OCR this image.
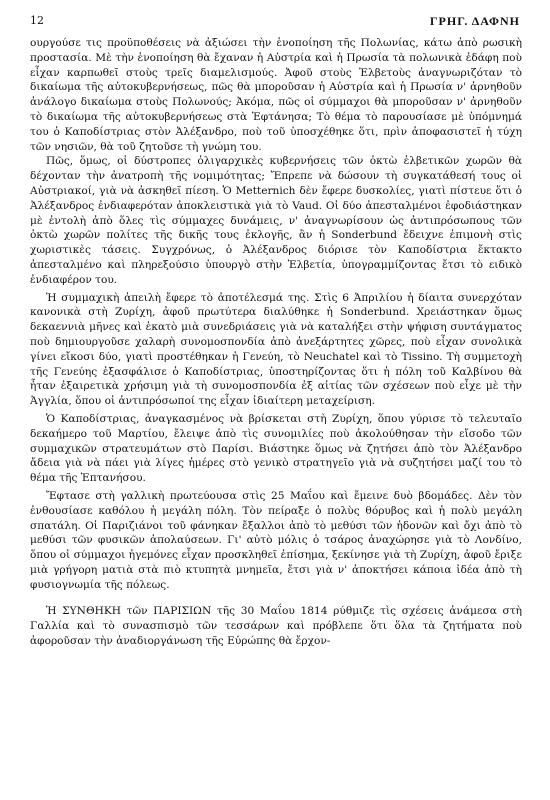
12	ΓΡΗΓ. ΔΑΦΝΗ

ουργούσε τις προϋποθέσεις νὰ ἀξιώσει τὴν ἑνοποίηση τῆς Πολωνίας, κάτω ἀπὸ ρωσικὴ προστασία. Μὲ τὴν ἑνοποίηση θὰ ἔχαναν ἡ Αὐστρία καὶ ἡ Πρωσία τὰ πολωνικὰ ἐδάφη ποὺ εἶχαν καρπωθεῖ στοὺς τρεῖς διαμελισμούς. Ἀφοῦ στοὺς Ἑλβετοὺς ἀναγνωριζόταν τὸ δικαίωμα τῆς αὐτοκυβερνήσεως, πῶς θὰ μποροῦσαν ἡ Αὐστρία καὶ ἡ Πρωσία ν' ἀρνηθοῦν ἀνάλογο δικαίωμα στοὺς Πολωνούς; Ἀκόμα, πῶς οἱ σύμμαχοι θὰ μποροῦσαν ν' ἀρνηθοῦν τὸ δικαίωμα τῆς αὐτοκυβερνήσεως στὰ Ἑφτάνησα; Τὸ θέμα τὸ παρουσίασε μὲ ὑπόμνημά του ὁ Καποδίστριας στὸν Ἀλέξανδρο, ποὺ τοῦ ὑποσχέθηκε ὅτι, πρὶν ἀποφασιστεῖ ἡ τύχη τῶν νησιῶν, θὰ τοῦ ζητοῦσε τὴ γνώμη του.

Πῶς, ὅμως, οἱ δύστροπες ὀλιγαρχικὲς κυβερνήσεις τῶν ὀκτὼ ἑλβετικῶν χωρῶν θὰ δέχονταν τὴν ἀνατροπὴ τῆς νομιμότητας; Ἔπρεπε νὰ δώσουν τὴ συγκατάθεσή τους οἱ Αὐστριακοί, γιὰ νὰ ἀσκηθεῖ πίεση. Ὁ Metternich δὲν ἔφερε δυσκολίες, γιατὶ πίστευε ὅτι ὁ Ἀλέξανδρος ἐνδιαφερόταν ἀποκλειστικὰ γιὰ τὸ Vaud. Οἱ δύο ἀπεσταλμένοι ἐφοδιάστηκαν μὲ ἐντολὴ ἀπὸ ὅλες τὶς σύμμαχες δυνάμεις, ν' ἀναγνωρίσουν ὡς ἀντιπρόσωπους τῶν ὀκτὼ χωρῶν πολίτες τῆς δικῆς τους ἐκλογῆς, ἂν ἡ Sonderbund ἔδειχνε ἐπιμονὴ στὶς χωριστικὲς τάσεις. Συγχρόνως, ὁ Ἀλέξανδρος διόρισε τὸν Καποδίστρια ἔκτακτο ἀπεσταλμένο καὶ πληρεξούσιο ὑπουργὸ στὴν Ἑλβετία, ὑπογραμμίζοντας ἔτσι τὸ ειδικὸ ἐνδιαφέρον του.

Ἡ συμμαχικὴ ἀπειλὴ ἔφερε τὸ ἀποτέλεσμά της. Στὶς 6 Ἀπριλίου ἡ δίαιτα συνερχόταν κανονικὰ στὴ Ζυρίχη, ἀφοῦ πρωτύτερα διαλύθηκε ἡ Sonderbund. Χρειάστηκαν ὅμως δεκαεννιὰ μῆνες καὶ ἑκατὸ μιὰ συνεδριάσεις γιὰ νὰ καταλήξει στὴν ψήφιση συντάγματος ποὺ δημιουργοῦσε χαλαρὴ συνομοσπονδία ἀπὸ ἀνεξάρτητες χῶρες, ποὺ εἶχαν συνολικὰ γίνει εἴκοσι δύο, γιατὶ προστέθηκαν ἡ Γενεύη, τὸ Neuchatel καὶ τὸ Tissino. Τὴ συμμετοχὴ τῆς Γενεύης ἐξασφάλισε ὁ Καποδίστριας, ὑποστηρίζοντας ὅτι ἡ πόλη τοῦ Καλβίνου θὰ ἦταν ἐξαιρετικὰ χρήσιμη γιὰ τὴ συνομοσπονδία ἐξ αἰτίας τῶν σχέσεων ποὺ εἶχε μὲ τὴν Ἀγγλία, ὅπου οἱ ἀντιπρόσωποί της εἶχαν ἰδιαίτερη μεταχείριση.

Ὁ Καποδίστριας, ἀναγκασμένος νὰ βρίσκεται στὴ Ζυρίχη, ὅπου γύρισε τὸ τελευταῖο δεκαήμερο τοῦ Μαρτίου, ἔλειψε ἀπὸ τὶς συνομιλίες ποὺ ἀκολούθησαν τὴν εἴσοδο τῶν συμμαχικῶν στρατευμάτων στὸ Παρίσι. Βιάστηκε ὅμως νὰ ζητήσει ἀπὸ τὸν Ἀλέξανδρο ἄδεια γιὰ νὰ πάει γιὰ λίγες ἡμέρες στὸ γενικὸ στρατηγεῖο γιὰ νὰ συζητήσει μαζί του τὸ θέμα τῆς Ἑπτανήσου.

Ἔφτασε στὴ γαλλικὴ πρωτεύουσα στὶς 25 Μαΐου καὶ ἔμεινε δυὸ βδομάδες. Δὲν τὸν ἐνθουσίασε καθόλου ἡ μεγάλη πόλη. Τὸν πείραξε ὁ πολὺς θόρυβος καὶ ἡ πολὺ μεγάλη σπατάλη. Οἱ Παριζιάνοι τοῦ φάνηκαν ἔξαλλοι ἀπὸ τὸ μεθύσι τῶν ἡδονῶν καὶ ὄχι ἀπὸ τὸ μεθύσι τῶν φυσικῶν ἀπολαύσεων. Γι' αὐτὸ μόλις ὁ τσάρος ἀναχώρησε γιὰ τὸ Λονδίνο, ὅπου οἱ σύμμαχοι ἡγεμόνες εἶχαν προσκληθεῖ ἐπίσημα, ξεκίνησε γιὰ τὴ Ζυρίχη, ἀφοῦ ἔριξε μιὰ γρήγορη ματιὰ στὰ πιὸ κτυπητὰ μνημεῖα, ἔτσι γιὰ ν' ἀποκτήσει κάποια ἰδέα ἀπὸ τὴ φυσιογνωμία τῆς πόλεως.

Ἡ ΣΥΝΘΗΚΗ τῶν ΠΑΡΙΣΙΩΝ τῆς 30 Μαΐου 1814 ρύθμιζε τὶς σχέσεις ἀνάμεσα στὴ Γαλλία καὶ τὸ συνασπισμὸ τῶν τεσσάρων καὶ πρόβλεπε ὅτι ὅλα τὰ ζητήματα ποὺ ἀφοροῦσαν τὴν ἀναδιοργάνωση τῆς Εὐρώπης θὰ ἔρχον-
